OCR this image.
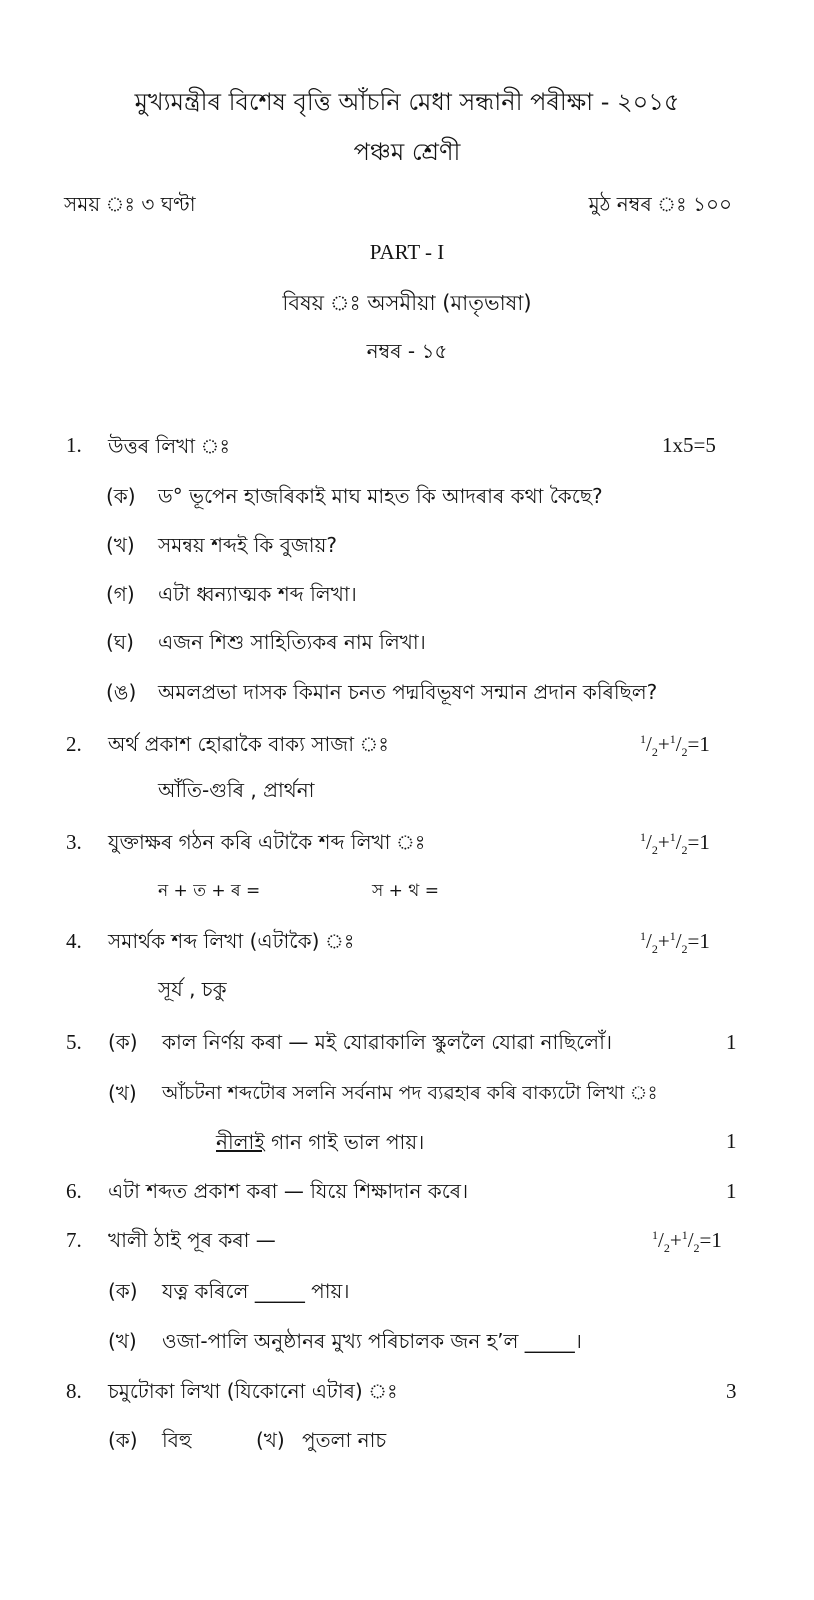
মুখ্যমন্ত্ৰীৰ বিশেষ বৃত্তি আঁচনি মেধা সন্ধানী পৰীক্ষা - ২০১৫
পঞ্চম শ্ৰেণী
সময় ঃ ৩ ঘণ্টা	মুঠ নম্বৰ ঃ ১০০
PART - I
বিষয় ঃ অসমীয়া (মাতৃভাষা)
নম্বৰ - ১৫
1. উত্তৰ লিখা ঃ	1x5=5
(ক) ড° ভূপেন হাজৰিকাই মাঘ মাহত কি আদৰাৰ কথা কৈছে?
(খ) সমন্বয় শব্দই কি বুজায়?
(গ) এটা ধ্বন্যাত্মক শব্দ লিখা।
(ঘ) এজন শিশু সাহিত্যিকৰ নাম লিখা।
(ঙ) অমলপ্ৰভা দাসক কিমান চনত পদ্মবিভূষণ সন্মান প্ৰদান কৰিছিল?
2. অৰ্থ প্ৰকাশ হোৱাকৈ বাক্য সাজা ঃ	$^1/_2+^1/_2=1$
আঁতি-গুৰি , প্ৰাৰ্থনা
3. যুক্তাক্ষৰ গঠন কৰি এটাকৈ শব্দ লিখা ঃ	$^1/_2+^1/_2=1$
ন + ত + ৰ =	স + থ =
4. সমাৰ্থক শব্দ লিখা (এটাকৈ) ঃ	$^1/_2+^1/_2=1$
সূৰ্য , চকু
5. (ক) কাল নিৰ্ণয় কৰা — মই যোৱাকালি স্কুললৈ যোৱা নাছিলোঁ।	1
(খ) আঁচটনা শব্দটোৰ সলনি সৰ্বনাম পদ ব্যৱহাৰ কৰি বাক্যটো লিখা ঃ
নীলাই গান গাই ভাল পায়।	1
6. এটা শব্দত প্ৰকাশ কৰা — যিয়ে শিক্ষাদান কৰে।	1
7. খালী ঠাই পূৰ কৰা —	$^1/_2+^1/_2=1$
(ক) যত্ন কৰিলে _____ পায়।
(খ) ওজা-পালি অনুষ্ঠানৰ মুখ্য পৰিচালক জন হ’ল _____।
8. চমুটোকা লিখা (যিকোনো এটাৰ) ঃ	3
(ক) বিহু	(খ) পুতলা নাচ
